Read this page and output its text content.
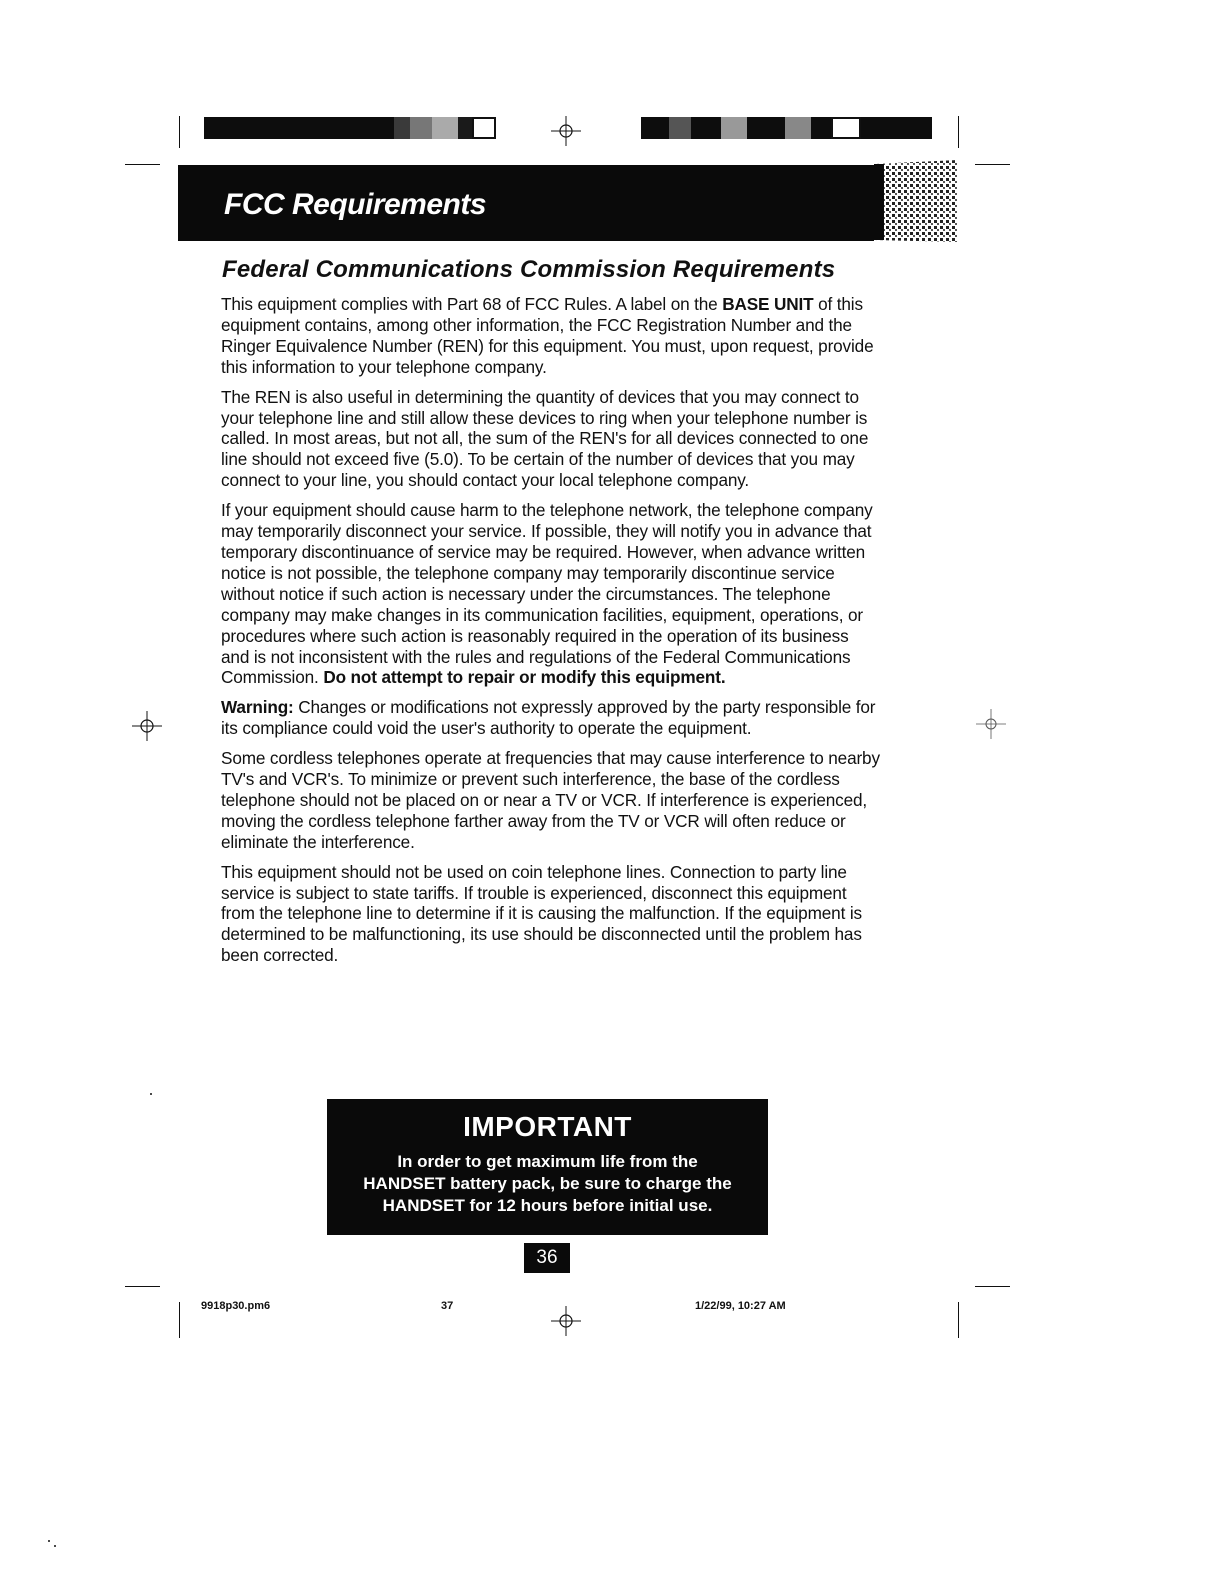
FCC Requirements
Federal Communications Commission Requirements

This equipment complies with Part 68 of FCC Rules. A label on the BASE UNIT of this equipment contains, among other information, the FCC Registration Number and the Ringer Equivalence Number (REN) for this equipment. You must, upon request, provide this information to your telephone company.

The REN is also useful in determining the quantity of devices that you may connect to your telephone line and still allow these devices to ring when your telephone number is called. In most areas, but not all, the sum of the REN's for all devices connected to one line should not exceed five (5.0). To be certain of the number of devices that you may connect to your line, you should contact your local telephone company.

If your equipment should cause harm to the telephone network, the telephone company may temporarily disconnect your service. If possible, they will notify you in advance that temporary discontinuance of service may be required. However, when advance written notice is not possible, the telephone company may temporarily discontinue service without notice if such action is necessary under the circumstances. The telephone company may make changes in its communication facilities, equipment, operations, or procedures where such action is reasonably required in the operation of its business and is not inconsistent with the rules and regulations of the Federal Communications Commission. Do not attempt to repair or modify this equipment.

Warning: Changes or modifications not expressly approved by the party responsible for its compliance could void the user's authority to operate the equipment.

Some cordless telephones operate at frequencies that may cause interference to nearby TV's and VCR's. To minimize or prevent such interference, the base of the cordless telephone should not be placed on or near a TV or VCR. If interference is experienced, moving the cordless telephone farther away from the TV or VCR will often reduce or eliminate the interference.

This equipment should not be used on coin telephone lines. Connection to party line service is subject to state tariffs. If trouble is experienced, disconnect this equipment from the telephone line to determine if it is causing the malfunction. If the equipment is determined to be malfunctioning, its use should be disconnected until the problem has been corrected.

IMPORTANT
In order to get maximum life from the
HANDSET battery pack, be sure to charge the
HANDSET for 12 hours before initial use.
36
9918p30.pm6	37	1/22/99, 10:27 AM
